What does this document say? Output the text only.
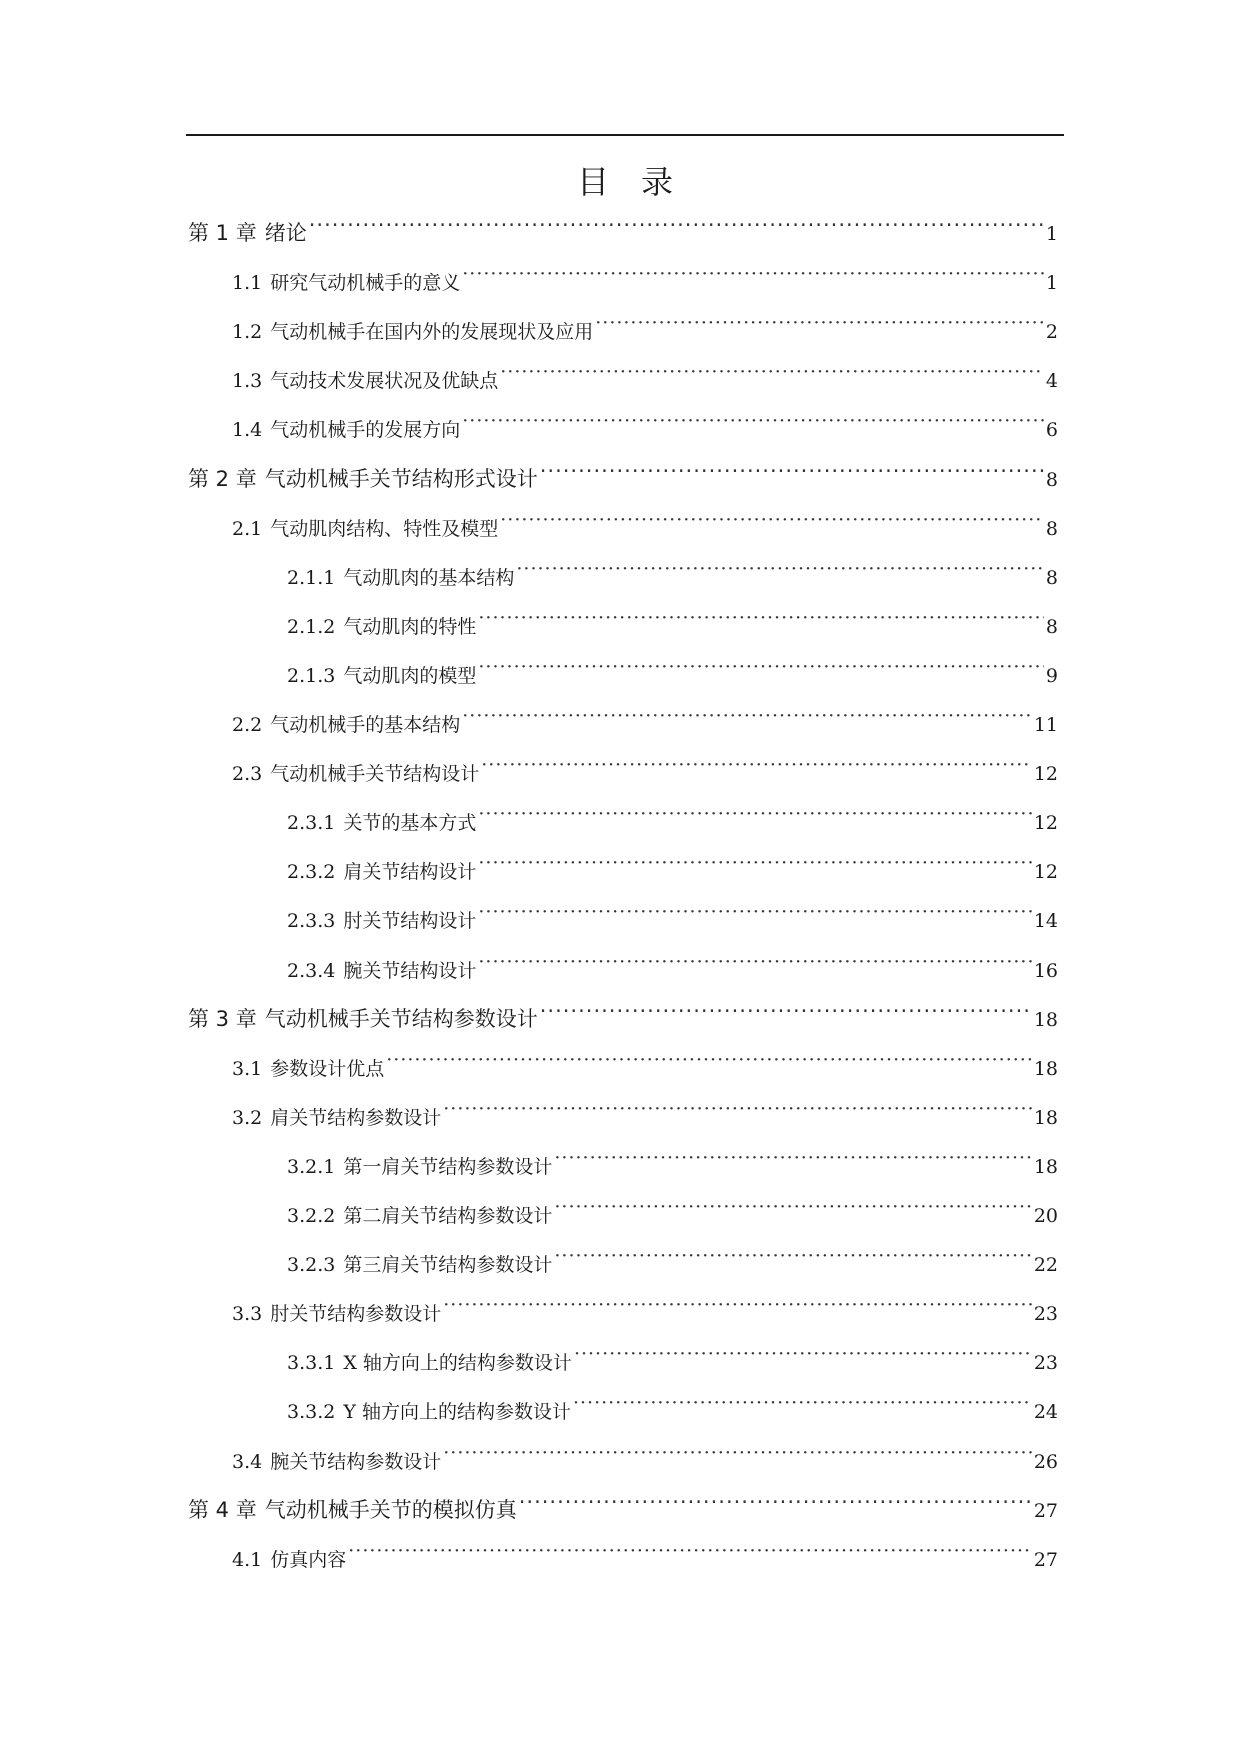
目　录
第 1 章 绪论 ·····	1
1.1 研究气动机械手的意义 ·····	1
1.2 气动机械手在国内外的发展现状及应用 ·····	2
1.3 气动技术发展状况及优缺点 ·····	4
1.4 气动机械手的发展方向 ·····	6
第 2 章 气动机械手关节结构形式设计 ·····	8
2.1 气动肌肉结构、特性及模型 ·····	8
2.1.1 气动肌肉的基本结构 ·····	8
2.1.2 气动肌肉的特性 ·····	8
2.1.3 气动肌肉的模型 ·····	9
2.2 气动机械手的基本结构 ·····	11
2.3 气动机械手关节结构设计 ·····	12
2.3.1 关节的基本方式 ·····	12
2.3.2 肩关节结构设计 ·····	12
2.3.3 肘关节结构设计 ·····	14
2.3.4 腕关节结构设计 ·····	16
第 3 章 气动机械手关节结构参数设计 ·····	18
3.1 参数设计优点 ·····	18
3.2 肩关节结构参数设计 ·····	18
3.2.1 第一肩关节结构参数设计 ·····	18
3.2.2 第二肩关节结构参数设计 ·····	20
3.2.3 第三肩关节结构参数设计 ·····	22
3.3 肘关节结构参数设计 ·····	23
3.3.1 X 轴方向上的结构参数设计 ·····	23
3.3.2 Y 轴方向上的结构参数设计 ·····	24
3.4 腕关节结构参数设计 ·····	26
第 4 章 气动机械手关节的模拟仿真 ·····	27
4.1 仿真内容 ·····	27
